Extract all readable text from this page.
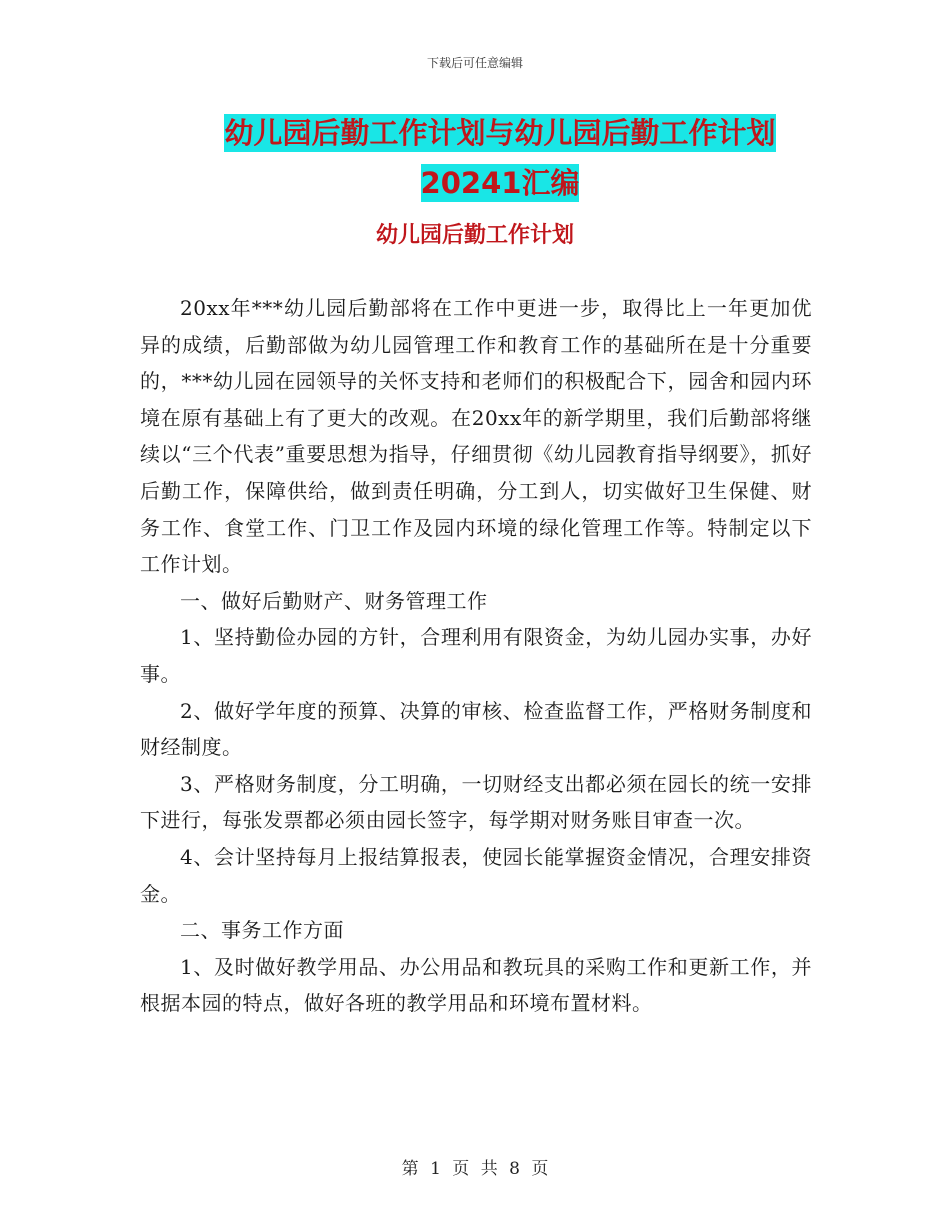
下载后可任意编辑
幼儿园后勤工作计划与幼儿园后勤工作计划20241汇编
幼儿园后勤工作计划

20xx年***幼儿园后勤部将在工作中更进一步，取得比上一年更加优异的成绩，后勤部做为幼儿园管理工作和教育工作的基础所在是十分重要的，***幼儿园在园领导的关怀支持和老师们的积极配合下，园舍和园内环境在原有基础上有了更大的改观。在20xx年的新学期里，我们后勤部将继续以“三个代表”重要思想为指导，仔细贯彻《幼儿园教育指导纲要》，抓好后勤工作，保障供给，做到责任明确，分工到人，切实做好卫生保健、财务工作、食堂工作、门卫工作及园内环境的绿化管理工作等。特制定以下工作计划。

一、做好后勤财产、财务管理工作

1、坚持勤俭办园的方针，合理利用有限资金，为幼儿园办实事，办好事。

2、做好学年度的预算、决算的审核、检查监督工作，严格财务制度和财经制度。

3、严格财务制度，分工明确，一切财经支出都必须在园长的统一安排下进行，每张发票都必须由园长签字，每学期对财务账目审查一次。

4、会计坚持每月上报结算报表，使园长能掌握资金情况，合理安排资金。

二、事务工作方面

1、及时做好教学用品、办公用品和教玩具的采购工作和更新工作，并根据本园的特点，做好各班的教学用品和环境布置材料。

第 1 页 共 8 页
